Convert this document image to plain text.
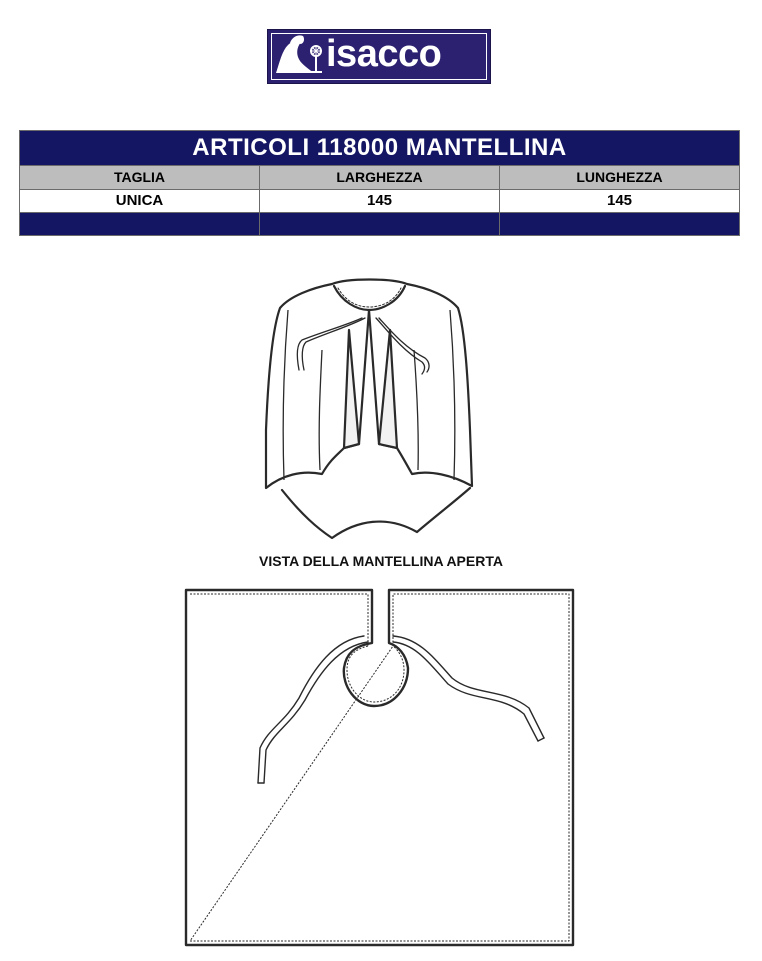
isacco
ARTICOLI 118000 MANTELLINA		
TAGLIA	LARGHEZZA	LUNGHEZZA
UNICA	145	145

VISTA DELLA MANTELLINA APERTA
